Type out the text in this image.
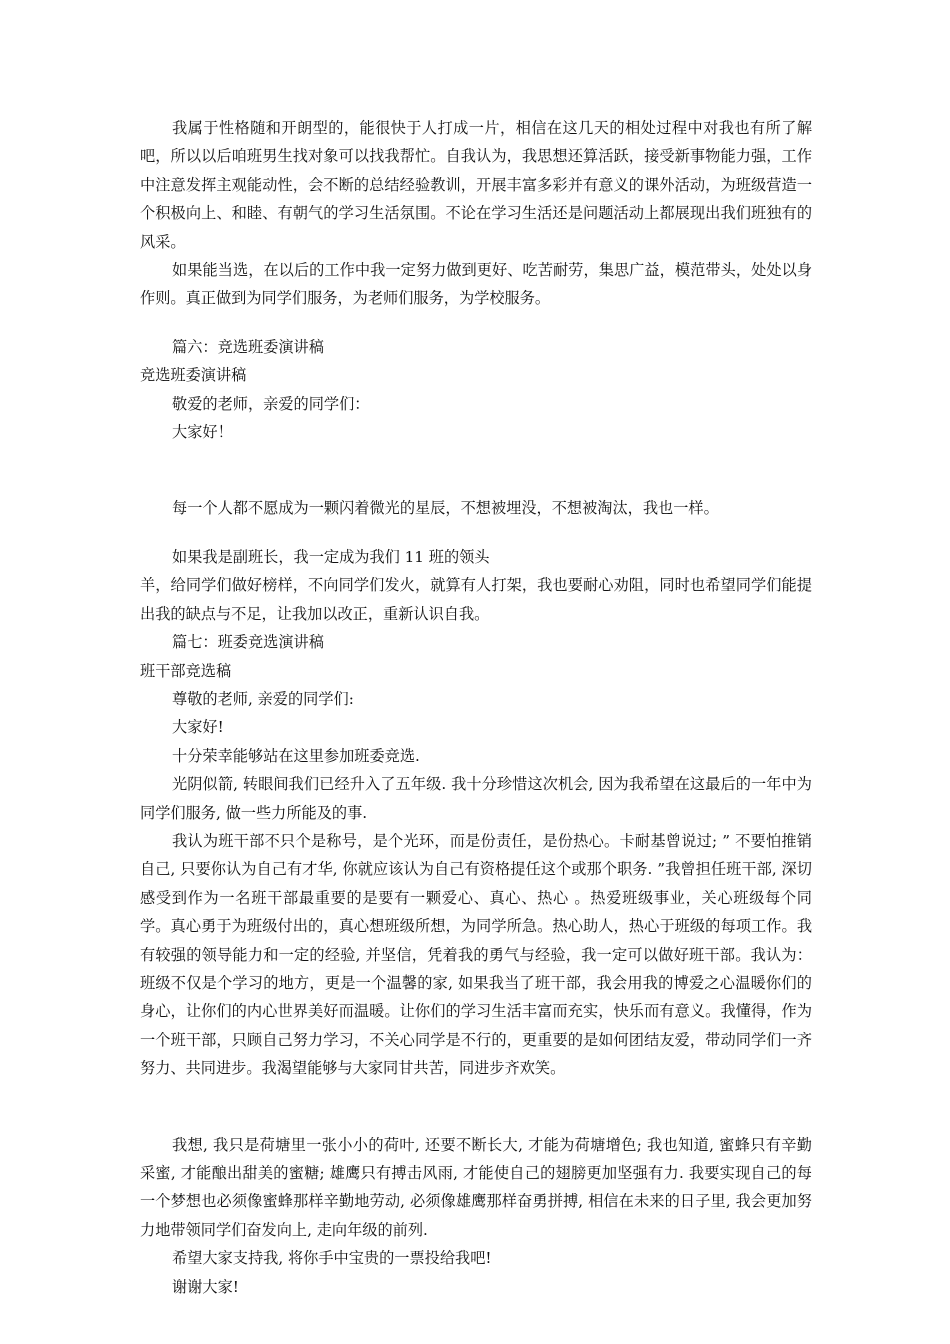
我属于性格随和开朗型的，能很快于人打成一片，相信在这几天的相处过程中对我也有所了解吧，所以以后咱班男生找对象可以找我帮忙。自我认为，我思想还算活跃，接受新事物能力强，工作中注意发挥主观能动性，会不断的总结经验教训，开展丰富多彩并有意义的课外活动，为班级营造一个积极向上、和睦、有朝气的学习生活氛围。不论在学习生活还是问题活动上都展现出我们班独有的风采。

如果能当选，在以后的工作中我一定努力做到更好、吃苦耐劳，集思广益，模范带头，处处以身作则。真正做到为同学们服务，为老师们服务，为学校服务。

篇六：竞选班委演讲稿

竞选班委演讲稿

敬爱的老师，亲爱的同学们：

大家好！

每一个人都不愿成为一颗闪着微光的星辰，不想被埋没，不想被淘汰，我也一样。

如果我是副班长，我一定成为我们 11 班的领头

羊，给同学们做好榜样，不向同学们发火，就算有人打架，我也要耐心劝阻，同时也希望同学们能提出我的缺点与不足，让我加以改正，重新认识自我。

篇七：班委竞选演讲稿

班干部竞选稿

尊敬的老师, 亲爱的同学们:

大家好!

十分荣幸能够站在这里参加班委竞选.

光阴似箭, 转眼间我们已经升入了五年级. 我十分珍惜这次机会, 因为我希望在这最后的一年中为同学们服务, 做一些力所能及的事.

我认为班干部不只个是称号，是个光环，而是份责任，是份热心。卡耐基曾说过; ” 不要怕推销自己, 只要你认为自己有才华, 你就应该认为自己有资格提任这个或那个职务. ”我曾担任班干部, 深切感受到作为一名班干部最重要的是要有一颗爱心、真心、热心 。热爱班级事业，关心班级每个同学。真心勇于为班级付出的，真心想班级所想，为同学所急。热心助人，热心于班级的每项工作。我有较强的领导能力和一定的经验, 并坚信，凭着我的勇气与经验，我一定可以做好班干部。我认为：班级不仅是个学习的地方，更是一个温馨的家, 如果我当了班干部，我会用我的博爱之心温暖你们的身心，让你们的内心世界美好而温暖。让你们的学习生活丰富而充实，快乐而有意义。我懂得，作为一个班干部，只顾自己努力学习，不关心同学是不行的，更重要的是如何团结友爱，带动同学们一齐努力、共同进步。我渴望能够与大家同甘共苦，同进步齐欢笑。

我想, 我只是荷塘里一张小小的荷叶, 还要不断长大, 才能为荷塘增色; 我也知道, 蜜蜂只有辛勤采蜜, 才能酿出甜美的蜜糖; 雄鹰只有搏击风雨, 才能使自己的翅膀更加坚强有力. 我要实现自己的每一个梦想也必须像蜜蜂那样辛勤地劳动, 必须像雄鹰那样奋勇拼搏, 相信在未来的日子里, 我会更加努力地带领同学们奋发向上, 走向年级的前列.

希望大家支持我, 将你手中宝贵的一票投给我吧!

谢谢大家!
